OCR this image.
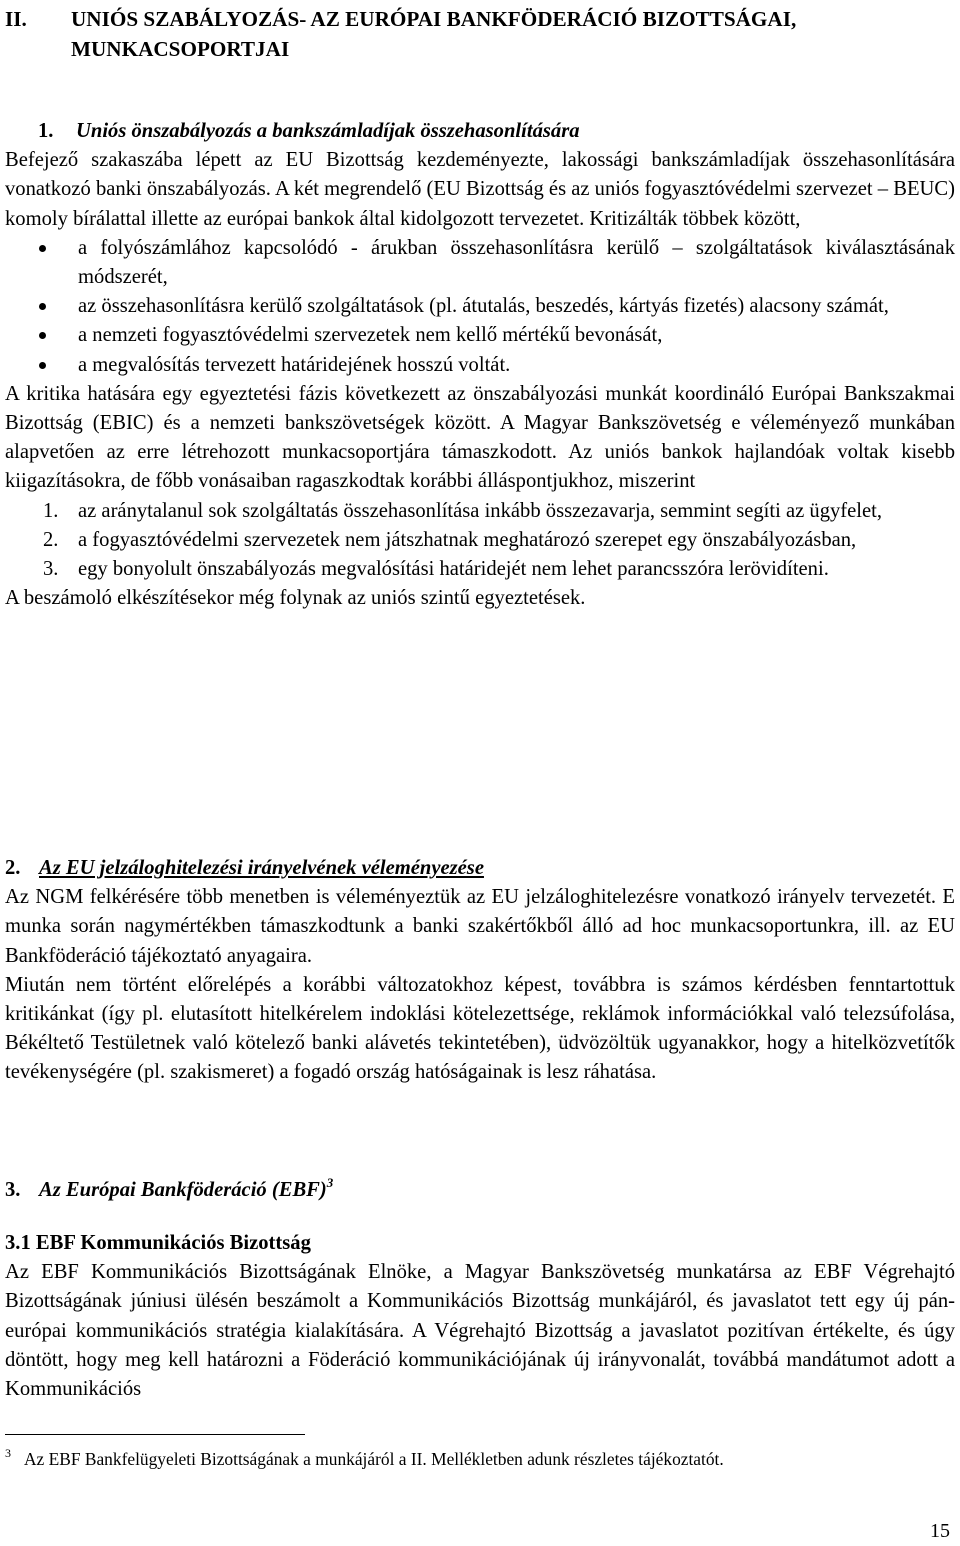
II. UNIÓS SZABÁLYOZÁS- AZ EURÓPAI BANKFÖDERÁCIÓ BIZOTTSÁGAI,
MUNKACSOPORTJAI

1. Uniós önszabályozás a bankszámladíjak összehasonlítására

Befejező szakaszába lépett az EU Bizottság kezdeményezte, lakossági bankszámladíjak összehasonlítására vonatkozó banki önszabályozás. A két megrendelő (EU Bizottság és az uniós fogyasztóvédelmi szervezet – BEUC) komoly bírálattal illette az európai bankok által kidolgozott tervezetet. Kritizálták többek között,

a folyószámlához kapcsolódó - árukban összehasonlításra kerülő – szolgáltatások kiválasztásának módszerét,
az összehasonlításra kerülő szolgáltatások (pl. átutalás, beszedés, kártyás fizetés) alacsony számát,
a nemzeti fogyasztóvédelmi szervezetek nem kellő mértékű bevonását,
a megvalósítás tervezett határidejének hosszú voltát.

A kritika hatására egy egyeztetési fázis következett az önszabályozási munkát koordináló Európai Bankszakmai Bizottság (EBIC) és a nemzeti bankszövetségek között. A Magyar Bankszövetség e véleményező munkában alapvetően az erre létrehozott munkacsoportjára támaszkodott. Az uniós bankok hajlandóak voltak kisebb kiigazításokra, de főbb vonásaiban ragaszkodtak korábbi álláspontjukhoz, miszerint

1. az aránytalanul sok szolgáltatás összehasonlítása inkább összezavarja, semmint segíti az ügyfelet,
2. a fogyasztóvédelmi szervezetek nem játszhatnak meghatározó szerepet egy önszabályozásban,
3. egy bonyolult önszabályozás megvalósítási határidejét nem lehet parancsszóra lerövidíteni.

A beszámoló elkészítésekor még folynak az uniós szintű egyeztetések.

2. Az EU jelzáloghitelezési irányelvének véleményezése

Az NGM felkérésére több menetben is véleményeztük az EU jelzáloghitelezésre vonatkozó irányelv tervezetét. E munka során nagymértékben támaszkodtunk a banki szakértőkből álló ad hoc munkacsoportunkra, ill. az EU Bankföderáció tájékoztató anyagaira.

Miután nem történt előrelépés a korábbi változatokhoz képest, továbbra is számos kérdésben fenntartottuk kritikánkat (így pl. elutasított hitelkérelem indoklási kötelezettsége, reklámok információkkal való telezsúfolása, Békéltető Testületnek való kötelező banki alávetés tekintetében), üdvözöltük ugyanakkor, hogy a hitelközvetítők tevékenységére (pl. szakismeret) a fogadó ország hatóságainak is lesz ráhatása.

3. Az Európai Bankföderáció (EBF)$^3$

3.1 EBF Kommunikációs Bizottság

Az EBF Kommunikációs Bizottságának Elnöke, a Magyar Bankszövetség munkatársa az EBF Végrehajtó Bizottságának júniusi ülésén beszámolt a Kommunikációs Bizottság munkájáról, és javaslatot tett egy új pán-európai kommunikációs stratégia kialakítására. A Végrehajtó Bizottság a javaslatot pozitívan értékelte, és úgy döntött, hogy meg kell határozni a Föderáció kommunikációjának új irányvonalát, továbbá mandátumot adott a Kommunikációs

3 Az EBF Bankfelügyeleti Bizottságának a munkájáról a II. Mellékletben adunk részletes tájékoztatót.
15
